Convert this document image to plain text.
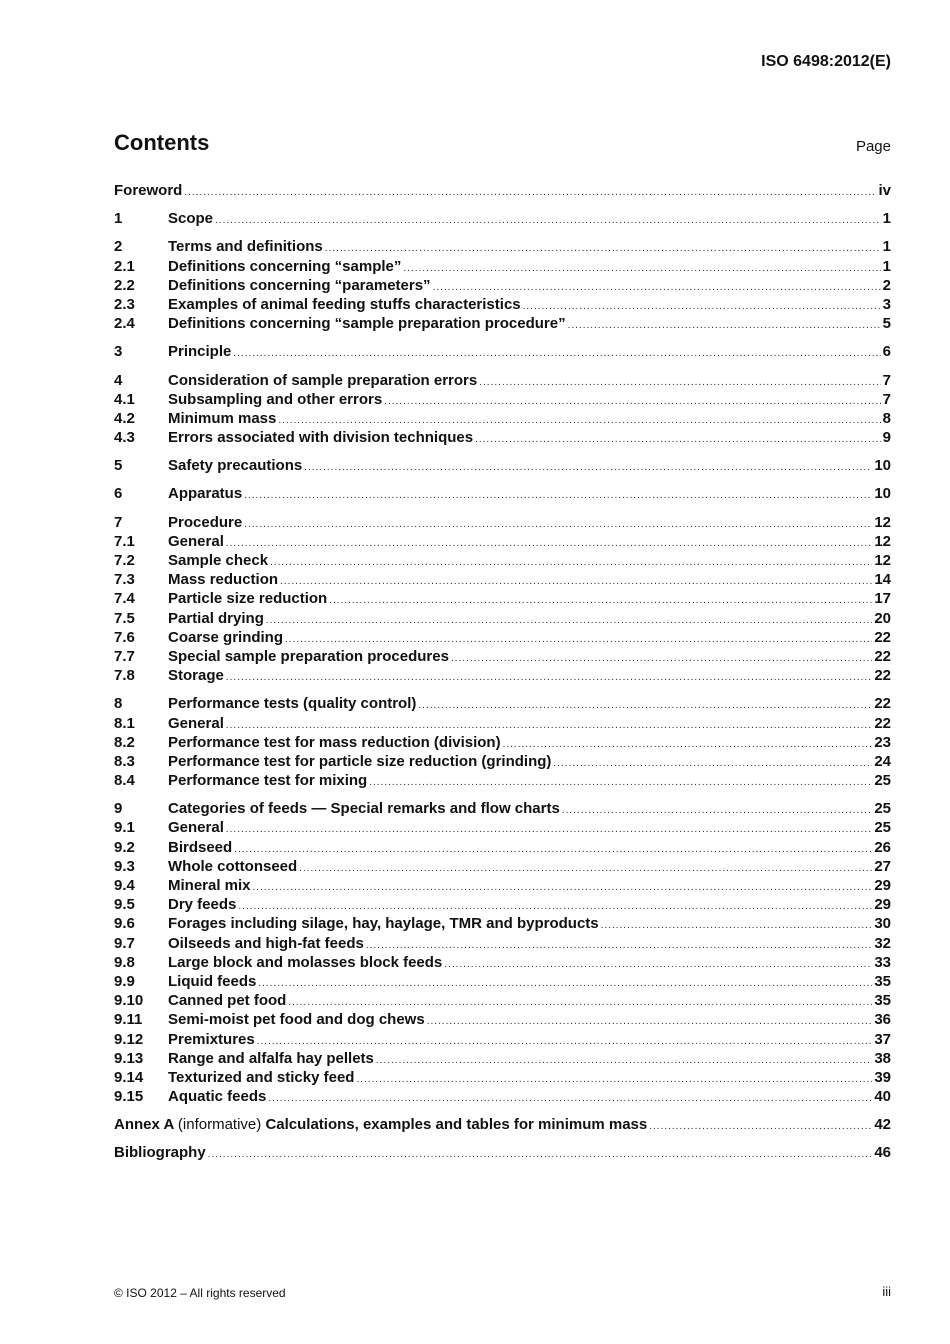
ISO 6498:2012(E)
Contents	Page
Foreword .....	iv
1	Scope .....	1
2	Terms and definitions .....	1
2.1	Definitions concerning “sample” .....	1
2.2	Definitions concerning “parameters” .....	2
2.3	Examples of animal feeding stuffs characteristics .....	3
2.4	Definitions concerning “sample preparation procedure” .....	5
3	Principle .....	6
4	Consideration of sample preparation errors .....	7
4.1	Subsampling and other errors .....	7
4.2	Minimum mass .....	8
4.3	Errors associated with division techniques .....	9
5	Safety precautions .....	10
6	Apparatus .....	10
7	Procedure .....	12
7.1	General .....	12
7.2	Sample check .....	12
7.3	Mass reduction .....	14
7.4	Particle size reduction .....	17
7.5	Partial drying .....	20
7.6	Coarse grinding .....	22
7.7	Special sample preparation procedures .....	22
7.8	Storage .....	22
8	Performance tests (quality control) .....	22
8.1	General .....	22
8.2	Performance test for mass reduction (division) .....	23
8.3	Performance test for particle size reduction (grinding) .....	24
8.4	Performance test for mixing .....	25
9	Categories of feeds — Special remarks and flow charts .....	25
9.1	General .....	25
9.2	Birdseed .....	26
9.3	Whole cottonseed .....	27
9.4	Mineral mix .....	29
9.5	Dry feeds .....	29
9.6	Forages including silage, hay, haylage, TMR and byproducts .....	30
9.7	Oilseeds and high-fat feeds .....	32
9.8	Large block and molasses block feeds .....	33
9.9	Liquid feeds .....	35
9.10	Canned pet food .....	35
9.11	Semi-moist pet food and dog chews .....	36
9.12	Premixtures .....	37
9.13	Range and alfalfa hay pellets .....	38
9.14	Texturized and sticky feed .....	39
9.15	Aquatic feeds .....	40
Annex A (informative) Calculations, examples and tables for minimum mass .....	42
Bibliography .....	46
© ISO 2012 – All rights reserved	iii
